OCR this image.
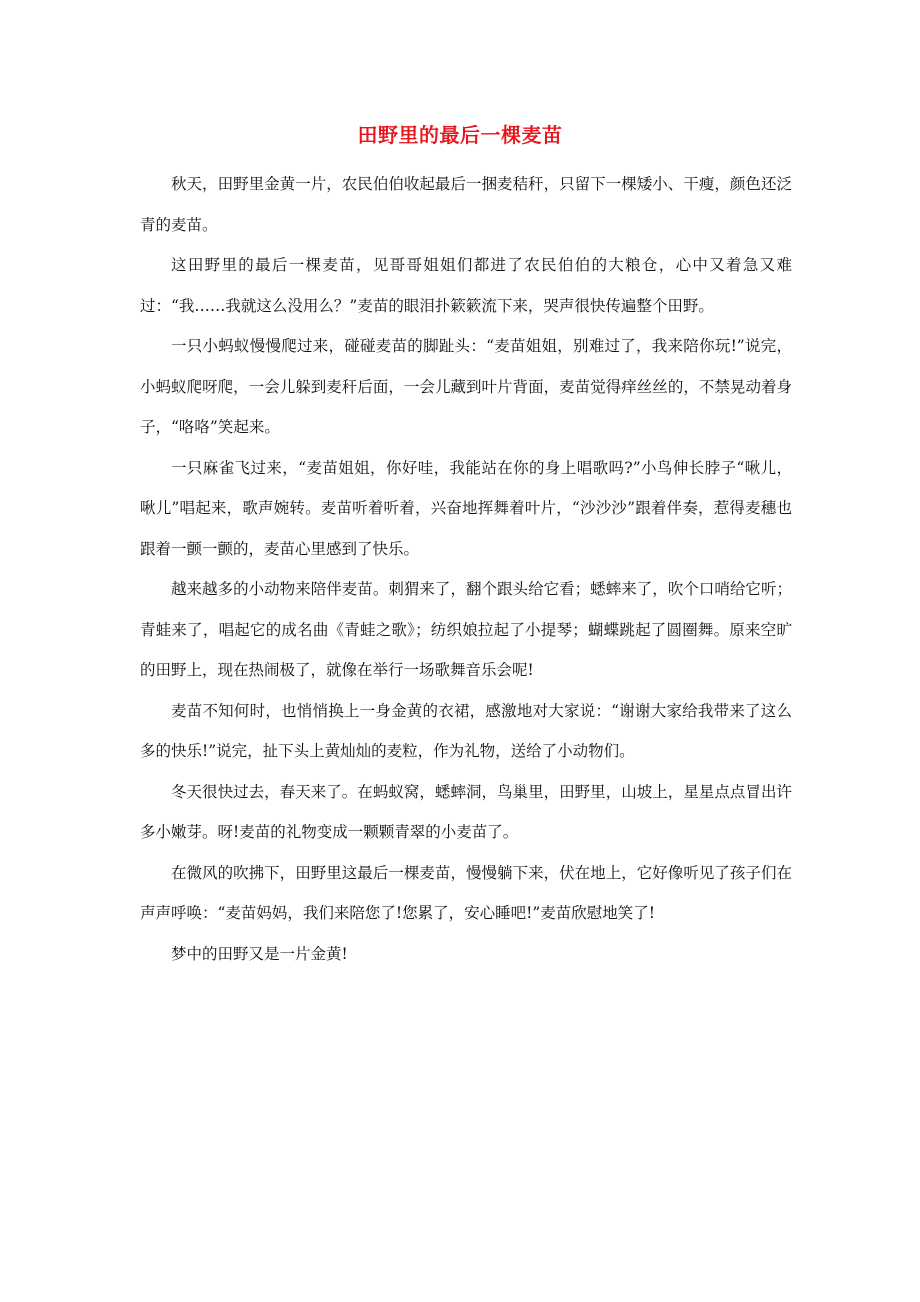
田野里的最后一棵麦苗

秋天，田野里金黄一片，农民伯伯收起最后一捆麦秸秆，只留下一棵矮小、干瘦，颜色还泛青的麦苗。

这田野里的最后一棵麦苗，见哥哥姐姐们都进了农民伯伯的大粮仓，心中又着急又难过：“我……我就这么没用么？”麦苗的眼泪扑簌簌流下来，哭声很快传遍整个田野。

一只小蚂蚁慢慢爬过来，碰碰麦苗的脚趾头：“麦苗姐姐，别难过了，我来陪你玩!”说完，小蚂蚁爬呀爬，一会儿躲到麦秆后面，一会儿藏到叶片背面，麦苗觉得痒丝丝的，不禁晃动着身子，“咯咯”笑起来。

一只麻雀飞过来，“麦苗姐姐，你好哇，我能站在你的身上唱歌吗?”小鸟伸长脖子“啾儿，啾儿”唱起来，歌声婉转。麦苗听着听着，兴奋地挥舞着叶片，“沙沙沙”跟着伴奏，惹得麦穗也跟着一颤一颤的，麦苗心里感到了快乐。

越来越多的小动物来陪伴麦苗。刺猬来了，翻个跟头给它看；蟋蟀来了，吹个口哨给它听；青蛙来了，唱起它的成名曲《青蛙之歌》；纺织娘拉起了小提琴；蝴蝶跳起了圆圈舞。原来空旷的田野上，现在热闹极了，就像在举行一场歌舞音乐会呢!

麦苗不知何时，也悄悄换上一身金黄的衣裙，感激地对大家说：“谢谢大家给我带来了这么多的快乐!”说完，扯下头上黄灿灿的麦粒，作为礼物，送给了小动物们。

冬天很快过去，春天来了。在蚂蚁窝，蟋蟀洞，鸟巢里，田野里，山坡上，星星点点冒出许多小嫩芽。呀!麦苗的礼物变成一颗颗青翠的小麦苗了。

在微风的吹拂下，田野里这最后一棵麦苗，慢慢躺下来，伏在地上，它好像听见了孩子们在声声呼唤：“麦苗妈妈，我们来陪您了!您累了，安心睡吧!”麦苗欣慰地笑了!

梦中的田野又是一片金黄!
